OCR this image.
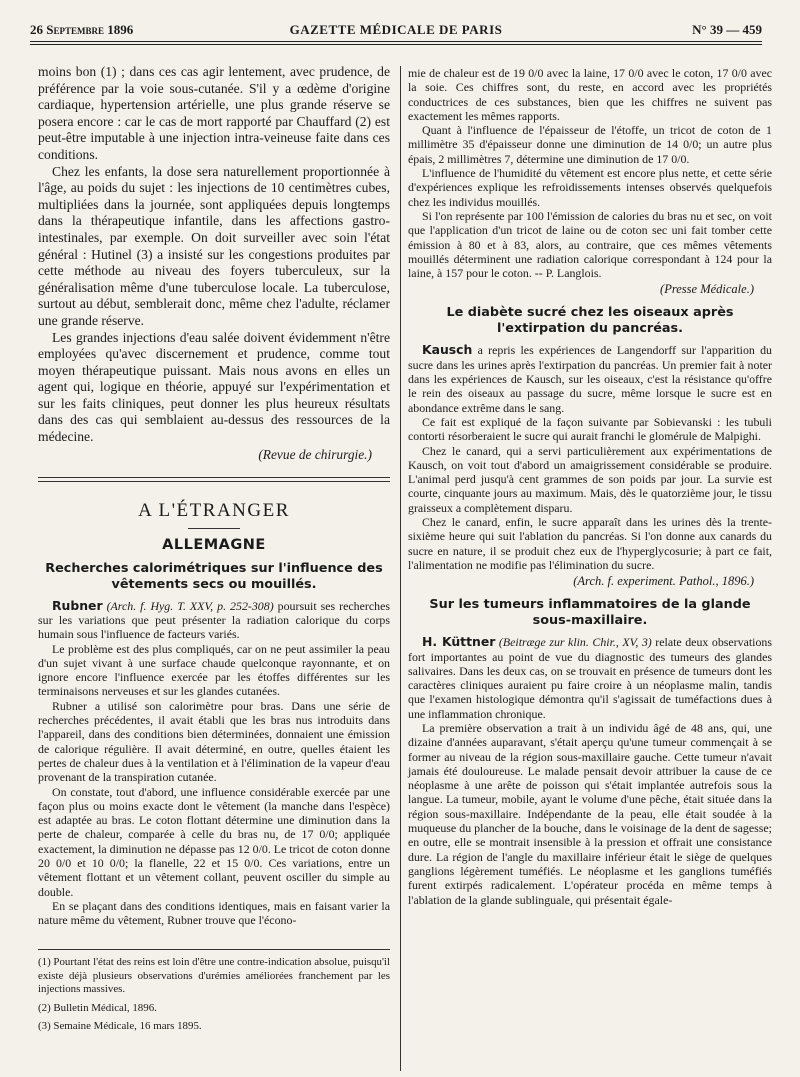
26 Septembre 1896	GAZETTE MÉDICALE DE PARIS	N° 39 — 459

moins bon (1) ; dans ces cas agir lentement, avec prudence, de préférence par la voie sous-cutanée. S'il y a œdème d'origine cardiaque, hypertension artérielle, une plus grande réserve se posera encore : car le cas de mort rapporté par Chauffard (2) est peut-être imputable à une injection intra-veineuse faite dans ces conditions.

Chez les enfants, la dose sera naturellement proportionnée à l'âge, au poids du sujet : les injections de 10 centimètres cubes, multipliées dans la journée, sont appliquées depuis longtemps dans la thérapeutique infantile, dans les affections gastro-intestinales, par exemple. On doit surveiller avec soin l'état général : Hutinel (3) a insisté sur les congestions produites par cette méthode au niveau des foyers tuberculeux, sur la généralisation même d'une tuberculose locale. La tuberculose, surtout au début, semblerait donc, même chez l'adulte, réclamer une grande réserve.

Les grandes injections d'eau salée doivent évidemment n'être employées qu'avec discernement et prudence, comme tout moyen thérapeutique puissant. Mais nous avons en elles un agent qui, logique en théorie, appuyé sur l'expérimentation et sur les faits cliniques, peut donner les plus heureux résultats dans des cas qui semblaient au-dessus des ressources de la médecine.

(Revue de chirurgie.)

A L'ÉTRANGER
ALLEMAGNE
Recherches calorimétriques sur l'influence des vêtements secs ou mouillés.

Rubner (Arch. f. Hyg. T. XXV, p. 252-308) poursuit ses recherches sur les variations que peut présenter la radiation calorique du corps humain sous l'influence de facteurs variés.

Le problème est des plus compliqués, car on ne peut assimiler la peau d'un sujet vivant à une surface chaude quelconque rayonnante, et on ignore encore l'influence exercée par les étoffes différentes sur les terminaisons nerveuses et sur les glandes cutanées.

Rubner a utilisé son calorimètre pour bras. Dans une série de recherches précédentes, il avait établi que les bras nus introduits dans l'appareil, dans des conditions bien déterminées, donnaient une émission de calorique régulière. Il avait déterminé, en outre, quelles étaient les pertes de chaleur dues à la ventilation et à l'élimination de la vapeur d'eau provenant de la transpiration cutanée.

On constate, tout d'abord, une influence considérable exercée par une façon plus ou moins exacte dont le vêtement (la manche dans l'espèce) est adaptée au bras. Le coton flottant détermine une diminution dans la perte de chaleur, comparée à celle du bras nu, de 17 0/0; appliquée exactement, la diminution ne dépasse pas 12 0/0. Le tricot de coton donne 20 0/0 et 10 0/0; la flanelle, 22 et 15 0/0. Ces variations, entre un vêtement flottant et un vêtement collant, peuvent osciller du simple au double.

En se plaçant dans des conditions identiques, mais en faisant varier la nature même du vêtement, Rubner trouve que l'écono-

(1) Pourtant l'état des reins est loin d'être une contre-indication absolue, puisqu'il existe déjà plusieurs observations d'urémies améliorées franchement par les injections massives.

(2) Bulletin Médical, 1896.

(3) Semaine Médicale, 16 mars 1895.

mie de chaleur est de 19 0/0 avec la laine, 17 0/0 avec le coton, 17 0/0 avec la soie. Ces chiffres sont, du reste, en accord avec les propriétés conductrices de ces substances, bien que les chiffres ne suivent pas exactement les mêmes rapports.

Quant à l'influence de l'épaisseur de l'étoffe, un tricot de coton de 1 millimètre 35 d'épaisseur donne une diminution de 14 0/0; un autre plus épais, 2 millimètres 7, détermine une diminution de 17 0/0.

L'influence de l'humidité du vêtement est encore plus nette, et cette série d'expériences explique les refroidissements intenses observés quelquefois chez les individus mouillés.

Si l'on représente par 100 l'émission de calories du bras nu et sec, on voit que l'application d'un tricot de laine ou de coton sec uni fait tomber cette émission à 80 et à 83, alors, au contraire, que ces mêmes vêtements mouillés déterminent une radiation calorique correspondant à 124 pour la laine, à 157 pour le coton. -- P. Langlois.

(Presse Médicale.)

Le diabète sucré chez les oiseaux après l'extirpation du pancréas.

Kausch a repris les expériences de Langendorff sur l'apparition du sucre dans les urines après l'extirpation du pancréas. Un premier fait à noter dans les expériences de Kausch, sur les oiseaux, c'est la résistance qu'offre le rein des oiseaux au passage du sucre, même lorsque le sucre est en abondance extrême dans le sang.

Ce fait est expliqué de la façon suivante par Sobievanski : les tubuli contorti résorberaient le sucre qui aurait franchi le glomérule de Malpighi.

Chez le canard, qui a servi particulièrement aux expérimentations de Kausch, on voit tout d'abord un amaigrissement considérable se produire. L'animal perd jusqu'à cent grammes de son poids par jour. La survie est courte, cinquante jours au maximum. Mais, dès le quatorzième jour, le tissu graisseux a complètement disparu.

Chez le canard, enfin, le sucre apparaît dans les urines dès la trente-sixième heure qui suit l'ablation du pancréas. Si l'on donne aux canards du sucre en nature, il se produit chez eux de l'hyperglycosurie; à part ce fait, l'alimentation ne modifie pas l'élimination du sucre.

(Arch. f. experiment. Pathol., 1896.)

Sur les tumeurs inflammatoires de la glande sous-maxillaire.

H. Küttner (Beitræge zur klin. Chir., XV, 3) relate deux observations fort importantes au point de vue du diagnostic des tumeurs des glandes salivaires. Dans les deux cas, on se trouvait en présence de tumeurs dont les caractères cliniques auraient pu faire croire à un néoplasme malin, tandis que l'examen histologique démontra qu'il s'agissait de tuméfactions dues à une inflammation chronique.

La première observation a trait à un individu âgé de 48 ans, qui, une dizaine d'années auparavant, s'était aperçu qu'une tumeur commençait à se former au niveau de la région sous-maxillaire gauche. Cette tumeur n'avait jamais été douloureuse. Le malade pensait devoir attribuer la cause de ce néoplasme à une arête de poisson qui s'était implantée autrefois sous la langue. La tumeur, mobile, ayant le volume d'une pêche, était située dans la région sous-maxillaire. Indépendante de la peau, elle était soudée à la muqueuse du plancher de la bouche, dans le voisinage de la dent de sagesse; en outre, elle se montrait insensible à la pression et offrait une consistance dure. La région de l'angle du maxillaire inférieur était le siège de quelques ganglions légèrement tuméfiés. Le néoplasme et les ganglions tuméfiés furent extirpés radicalement. L'opérateur procéda en même temps à l'ablation de la glande sublinguale, qui présentait égale-
